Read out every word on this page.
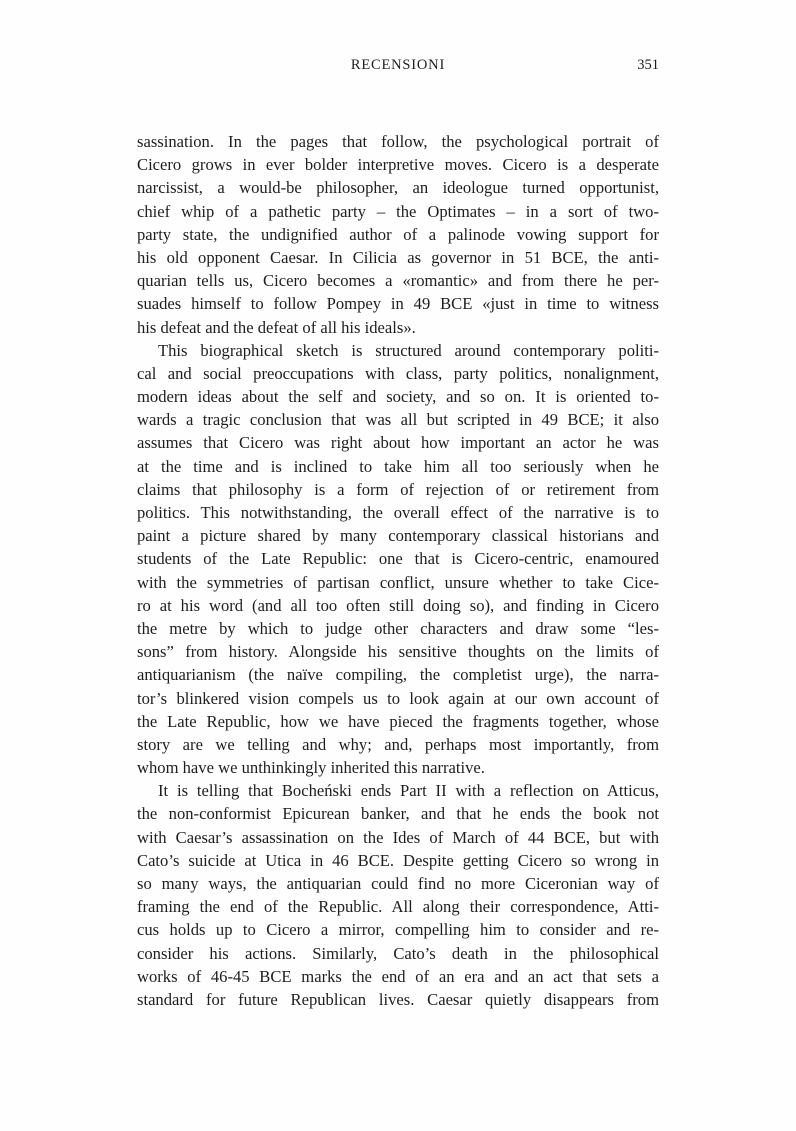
RECENSIONI	351
sassination. In the pages that follow, the psychological portrait of
Cicero grows in ever bolder interpretive moves. Cicero is a desperate
narcissist, a would-be philosopher, an ideologue turned opportunist,
chief whip of a pathetic party – the Optimates – in a sort of two-
party state, the undignified author of a palinode vowing support for
his old opponent Caesar. In Cilicia as governor in 51 BCE, the anti-
quarian tells us, Cicero becomes a «romantic» and from there he per-
suades himself to follow Pompey in 49 BCE «just in time to witness
his defeat and the defeat of all his ideals».
This biographical sketch is structured around contemporary politi-
cal and social preoccupations with class, party politics, nonalignment,
modern ideas about the self and society, and so on. It is oriented to-
wards a tragic conclusion that was all but scripted in 49 BCE; it also
assumes that Cicero was right about how important an actor he was
at the time and is inclined to take him all too seriously when he
claims that philosophy is a form of rejection of or retirement from
politics. This notwithstanding, the overall effect of the narrative is to
paint a picture shared by many contemporary classical historians and
students of the Late Republic: one that is Cicero-centric, enamoured
with the symmetries of partisan conflict, unsure whether to take Cice-
ro at his word (and all too often still doing so), and finding in Cicero
the metre by which to judge other characters and draw some “les-
sons” from history. Alongside his sensitive thoughts on the limits of
antiquarianism (the naïve compiling, the completist urge), the narra-
tor’s blinkered vision compels us to look again at our own account of
the Late Republic, how we have pieced the fragments together, whose
story are we telling and why; and, perhaps most importantly, from
whom have we unthinkingly inherited this narrative.
It is telling that Bocheński ends Part II with a reflection on Atticus,
the non-conformist Epicurean banker, and that he ends the book not
with Caesar’s assassination on the Ides of March of 44 BCE, but with
Cato’s suicide at Utica in 46 BCE. Despite getting Cicero so wrong in
so many ways, the antiquarian could find no more Ciceronian way of
framing the end of the Republic. All along their correspondence, Atti-
cus holds up to Cicero a mirror, compelling him to consider and re-
consider his actions. Similarly, Cato’s death in the philosophical
works of 46-45 BCE marks the end of an era and an act that sets a
standard for future Republican lives. Caesar quietly disappears from
